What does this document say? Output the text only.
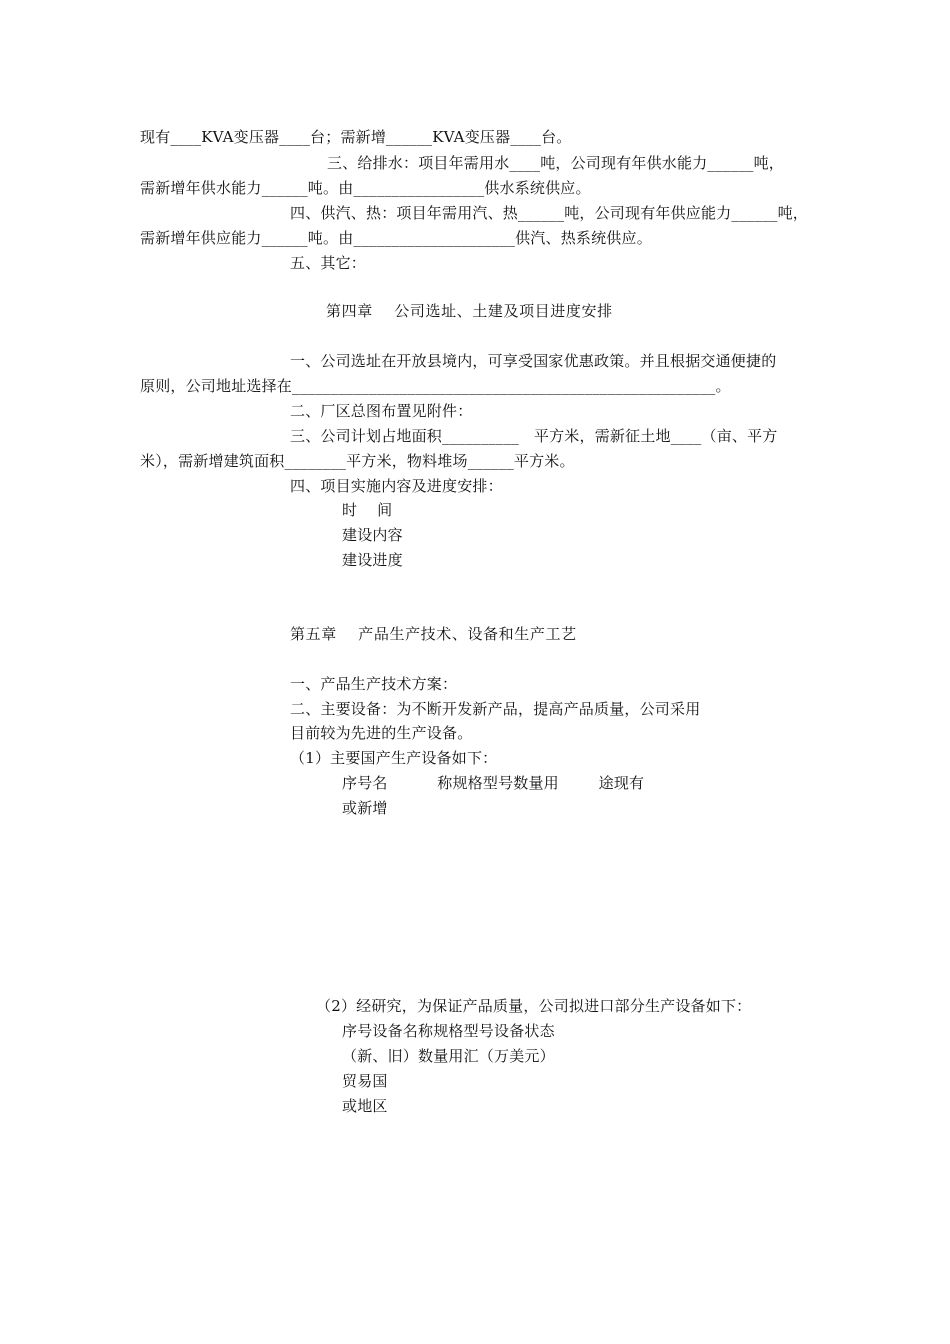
现有____KVA变压器____台；需新增______KVA变压器____台。
三、给排水：项目年需用水____吨，公司现有年供水能力______吨，
需新增年供水能力______吨。由_________________供水系统供应。
四、供汽、热：项目年需用汽、热______吨，公司现有年供应能力______吨，
需新增年供应能力______吨。由_____________________供汽、热系统供应。
五、其它：
第四章    公司选址、土建及项目进度安排
一、公司选址在开放县境内，可享受国家优惠政策。并且根据交通便捷的
原则，公司地址选择在_______________________________________________________。
二、厂区总图布置见附件：
三、公司计划占地面积__________   平方米，需新征土地____（亩、平方
米），需新增建筑面积________平方米，物料堆场______平方米。
四、项目实施内容及进度安排：
时    间
建设内容
建设进度
第五章    产品生产技术、设备和生产工艺
一、产品生产技术方案：
二、主要设备：为不断开发新产品，提高产品质量，公司采用
目前较为先进的生产设备。
（1）主要国产生产设备如下：
序号名          称规格型号数量用        途现有
或新增
（2）经研究，为保证产品质量，公司拟进口部分生产设备如下：
序号设备名称规格型号设备状态
（新、旧）数量用汇（万美元）
贸易国
或地区
